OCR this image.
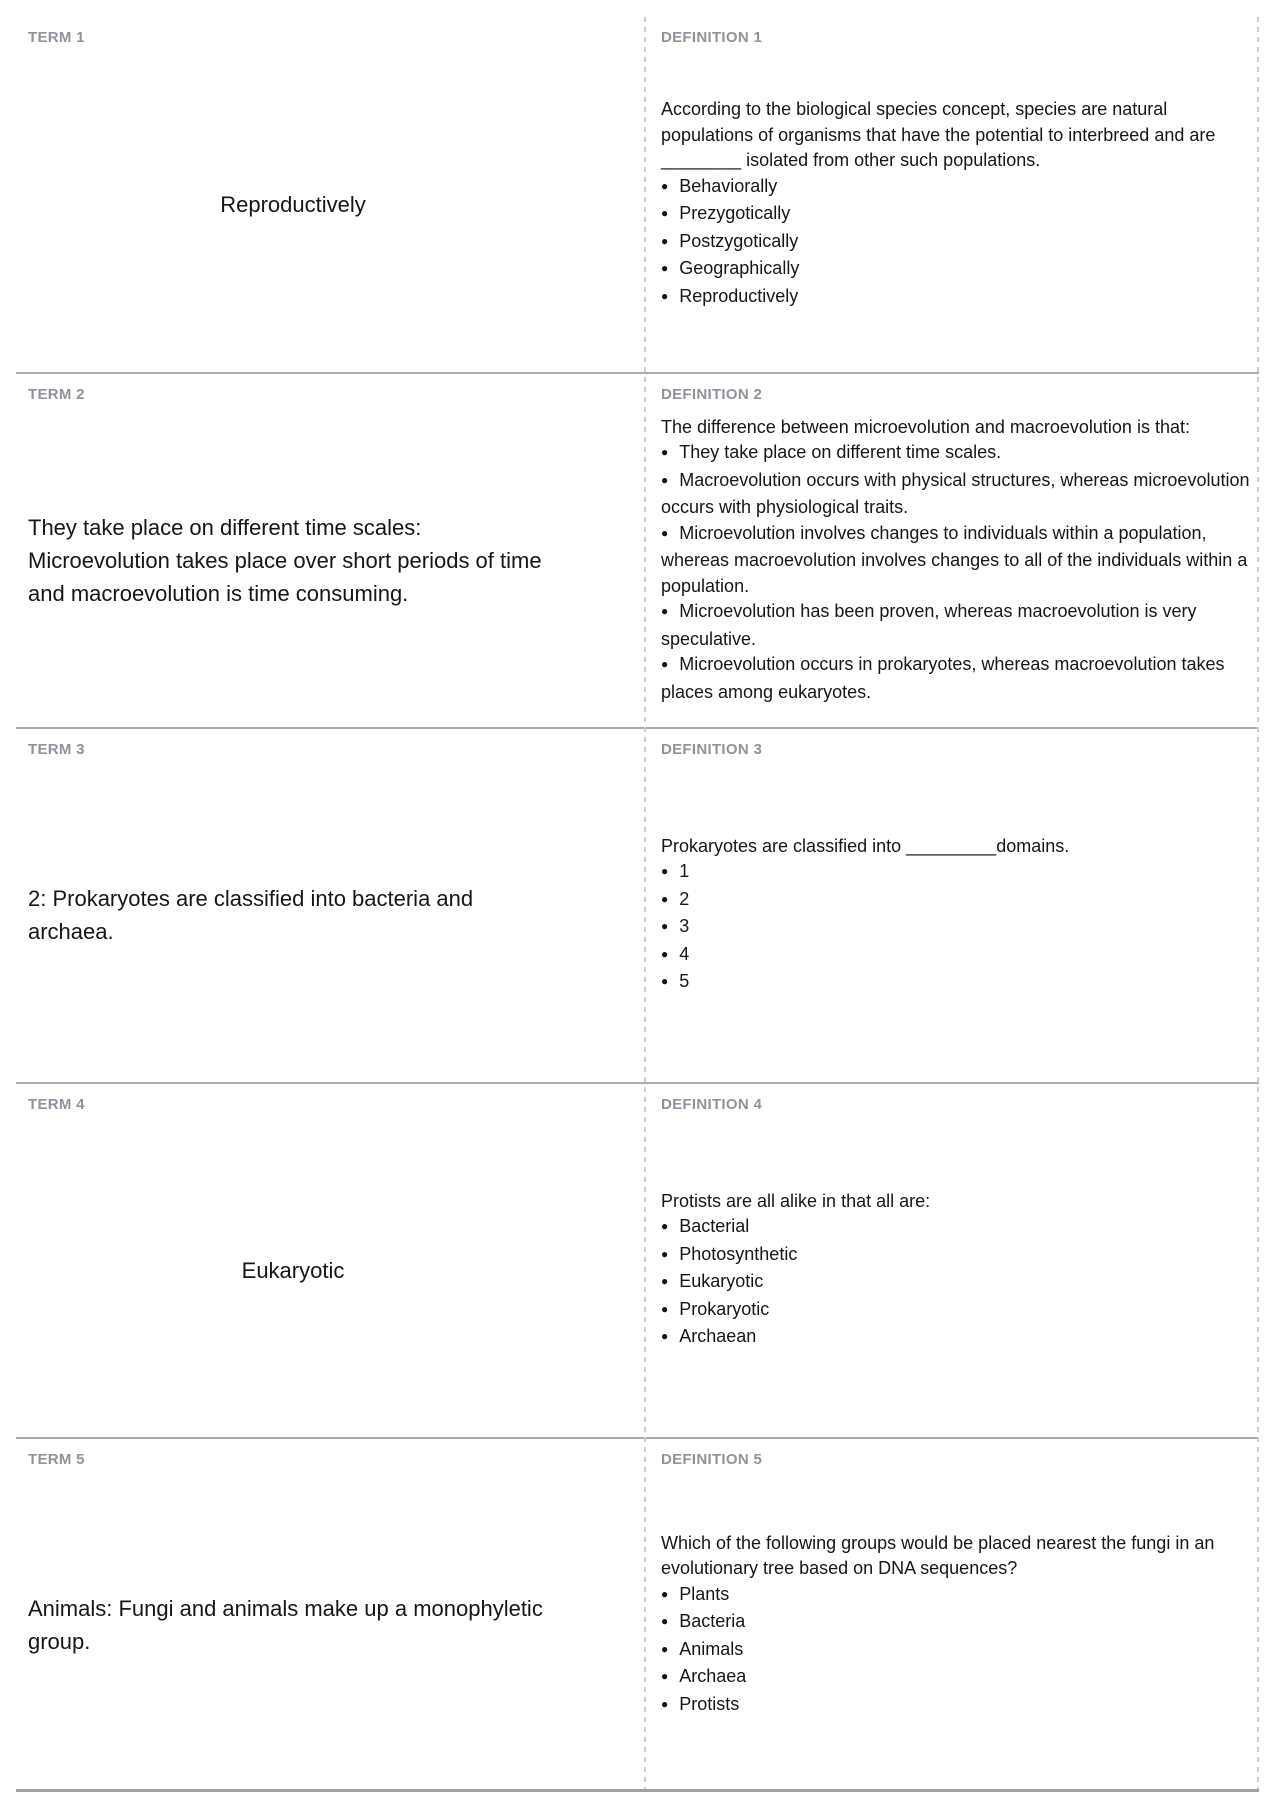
TERM 1
Reproductively
DEFINITION 1
According to the biological species concept, species are natural populations of organisms that have the potential to interbreed and are ________ isolated from other such populations.
● Behaviorally
● Prezygotically
● Postzygotically
● Geographically
● Reproductively
TERM 2
They take place on different time scales: Microevolution takes place over short periods of time and macroevolution is time consuming.
DEFINITION 2
The difference between microevolution and macroevolution is that:
● They take place on different time scales.
● Macroevolution occurs with physical structures, whereas microevolution occurs with physiological traits.
● Microevolution involves changes to individuals within a population, whereas macroevolution involves changes to all of the individuals within a population.
● Microevolution has been proven, whereas macroevolution is very speculative.
● Microevolution occurs in prokaryotes, whereas macroevolution takes places among eukaryotes.
TERM 3
2: Prokaryotes are classified into bacteria and archaea.
DEFINITION 3
Prokaryotes are classified into _________domains.
● 1
● 2
● 3
● 4
● 5
TERM 4
Eukaryotic
DEFINITION 4
Protists are all alike in that all are:
● Bacterial
● Photosynthetic
● Eukaryotic
● Prokaryotic
● Archaean
TERM 5
Animals: Fungi and animals make up a monophyletic group.
DEFINITION 5
Which of the following groups would be placed nearest the fungi in an evolutionary tree based on DNA sequences?
● Plants
● Bacteria
● Animals
● Archaea
● Protists
